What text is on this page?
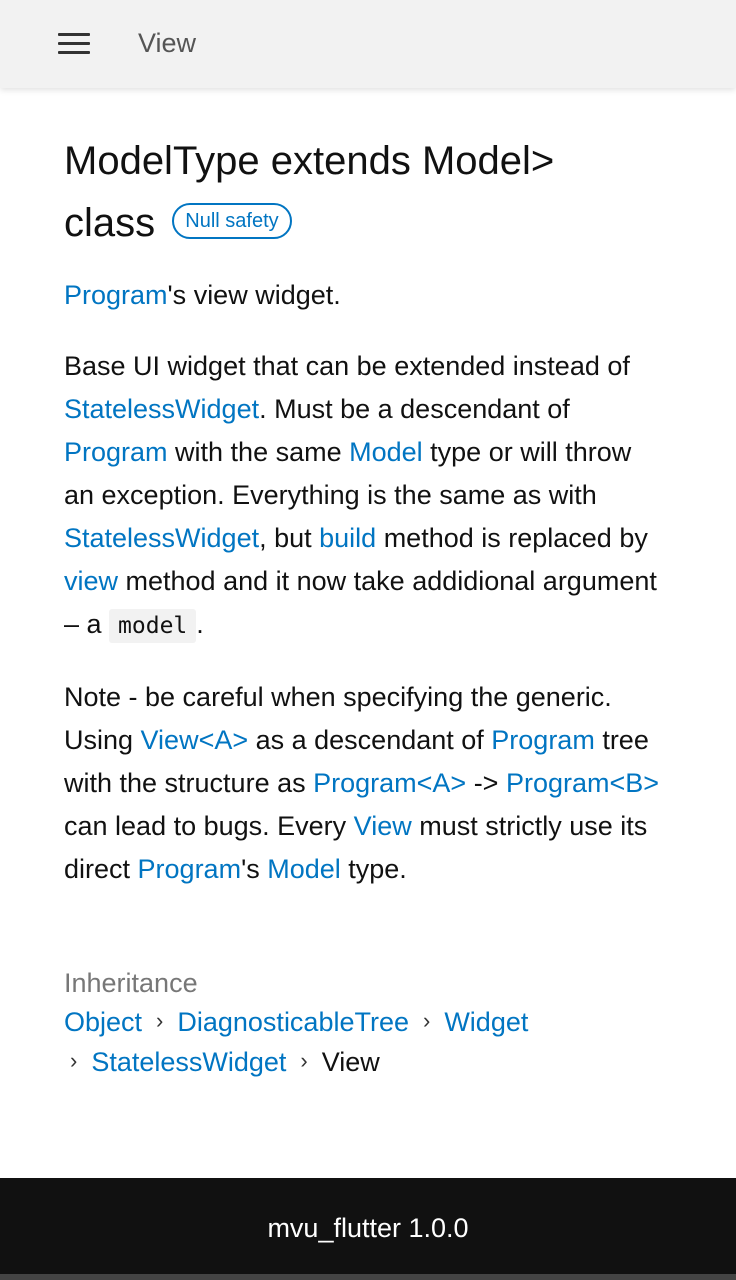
View
ModelType extends Model>
class Null safety

Program's view widget.

Base UI widget that can be extended instead of StatelessWidget. Must be a descendant of Program with the same Model type or will throw an exception. Everything is the same as with StatelessWidget, but build method is replaced by view method and it now take addidional argument – a model .

Note - be careful when specifying the generic. Using View<A> as a descendant of Program tree with the structure as Program<A> -> Program<B> can lead to bugs. Every View must strictly use its direct Program's Model type.

Inheritance
Object › DiagnosticableTree › Widget
› StatelessWidget › View
mvu_flutter 1.0.0
